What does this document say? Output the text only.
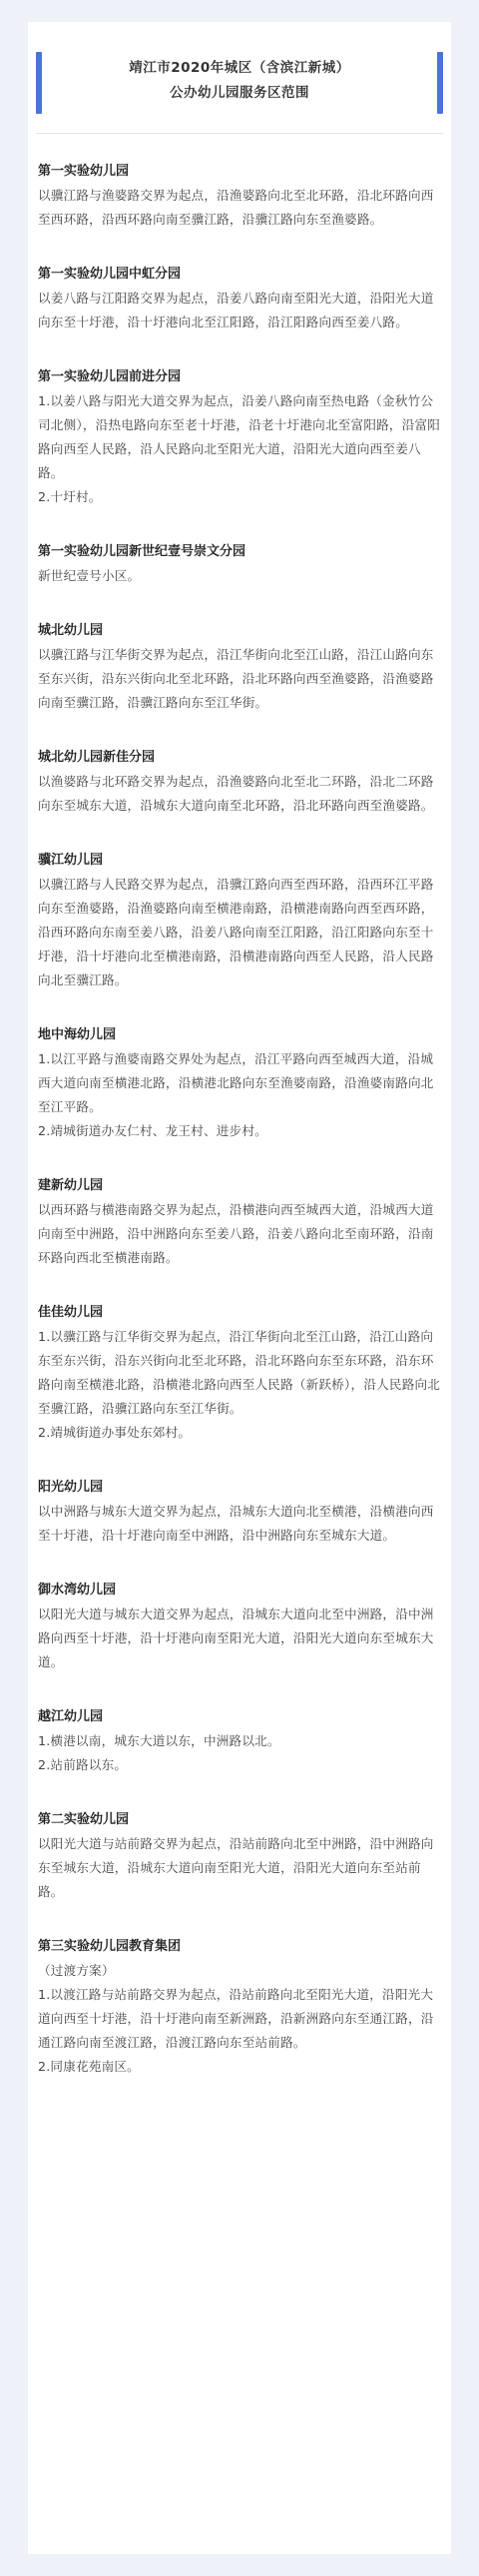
靖江市2020年城区（含滨江新城）
公办幼儿园服务区范围
第一实验幼儿园
以骥江路与渔婆路交界为起点，沿渔婆路向北至北环路，沿北环路向西至西环路，沿西环路向南至骥江路，沿骥江路向东至渔婆路。
第一实验幼儿园中虹分园
以姜八路与江阳路交界为起点，沿姜八路向南至阳光大道，沿阳光大道向东至十圩港，沿十圩港向北至江阳路，沿江阳路向西至姜八路。
第一实验幼儿园前进分园
1.以姜八路与阳光大道交界为起点，沿姜八路向南至热电路（金秋竹公司北侧），沿热电路向东至老十圩港，沿老十圩港向北至富阳路，沿富阳路向西至人民路，沿人民路向北至阳光大道，沿阳光大道向西至姜八路。
2.十圩村。
第一实验幼儿园新世纪壹号崇文分园
新世纪壹号小区。
城北幼儿园
以骥江路与江华街交界为起点，沿江华街向北至江山路，沿江山路向东至东兴街，沿东兴街向北至北环路，沿北环路向西至渔婆路，沿渔婆路向南至骥江路，沿骥江路向东至江华街。
城北幼儿园新佳分园
以渔婆路与北环路交界为起点，沿渔婆路向北至北二环路，沿北二环路向东至城东大道，沿城东大道向南至北环路，沿北环路向西至渔婆路。
骥江幼儿园
以骥江路与人民路交界为起点，沿骥江路向西至西环路，沿西环江平路向东至渔婆路，沿渔婆路向南至横港南路，沿横港南路向西至西环路，沿西环路向东南至姜八路，沿姜八路向南至江阳路，沿江阳路向东至十圩港，沿十圩港向北至横港南路，沿横港南路向西至人民路，沿人民路向北至骥江路。
地中海幼儿园
1.以江平路与渔婆南路交界处为起点，沿江平路向西至城西大道，沿城西大道向南至横港北路，沿横港北路向东至渔婆南路，沿渔婆南路向北至江平路。
2.靖城街道办友仁村、龙王村、进步村。
建新幼儿园
以西环路与横港南路交界为起点，沿横港向西至城西大道，沿城西大道向南至中洲路，沿中洲路向东至姜八路，沿姜八路向北至南环路，沿南环路向西北至横港南路。
佳佳幼儿园
1.以骥江路与江华街交界为起点，沿江华街向北至江山路，沿江山路向东至东兴街，沿东兴街向北至北环路，沿北环路向东至东环路，沿东环路向南至横港北路，沿横港北路向西至人民路（新跃桥），沿人民路向北至骥江路，沿骥江路向东至江华街。
2.靖城街道办事处东郊村。
阳光幼儿园
以中洲路与城东大道交界为起点，沿城东大道向北至横港，沿横港向西至十圩港，沿十圩港向南至中洲路，沿中洲路向东至城东大道。
御水湾幼儿园
以阳光大道与城东大道交界为起点，沿城东大道向北至中洲路，沿中洲路向西至十圩港，沿十圩港向南至阳光大道，沿阳光大道向东至城东大道。
越江幼儿园
1.横港以南，城东大道以东，中洲路以北。
2.站前路以东。
第二实验幼儿园
以阳光大道与站前路交界为起点，沿站前路向北至中洲路，沿中洲路向东至城东大道，沿城东大道向南至阳光大道，沿阳光大道向东至站前路。
第三实验幼儿园教育集团
（过渡方案）
1.以渡江路与站前路交界为起点，沿站前路向北至阳光大道，沿阳光大道向西至十圩港，沿十圩港向南至新洲路，沿新洲路向东至通江路，沿通江路向南至渡江路，沿渡江路向东至站前路。
2.同康花苑南区。
